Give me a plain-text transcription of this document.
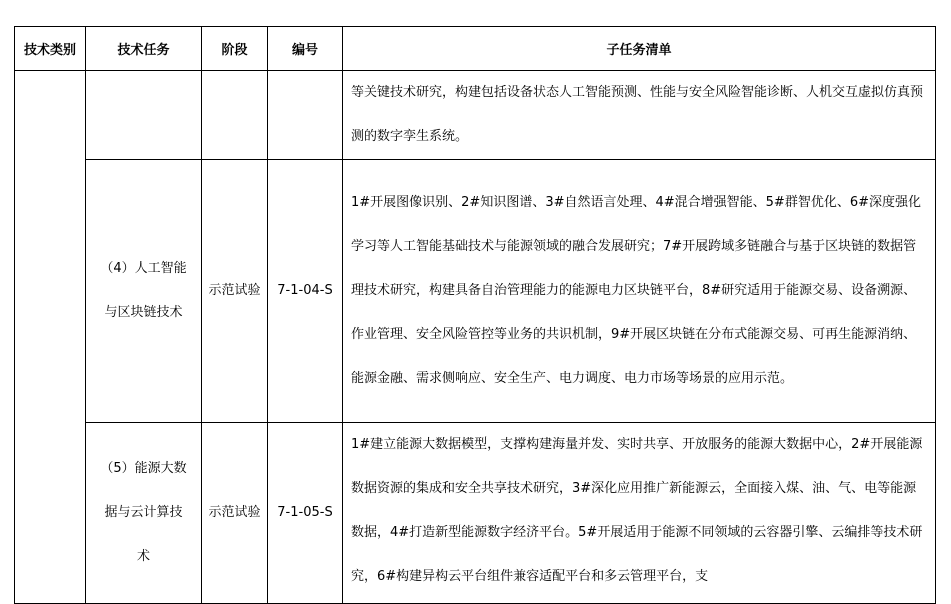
技术类别	技术任务	阶段	编号	子任务清单
				等关键技术研究，构建包括设备状态人工智能预测、性能与安全风险智能诊断、人机交互虚拟仿真预测的数字孪生系统。
	（4）人工智能与区块链技术	示范试验	7-1-04-S	1#开展图像识别、2#知识图谱、3#自然语言处理、4#混合增强智能、5#群智优化、6#深度强化学习等人工智能基础技术与能源领域的融合发展研究；7#开展跨域多链融合与基于区块链的数据管理技术研究，构建具备自治管理能力的能源电力区块链平台，8#研究适用于能源交易、设备溯源、作业管理、安全风险管控等业务的共识机制，9#开展区块链在分布式能源交易、可再生能源消纳、能源金融、需求侧响应、安全生产、电力调度、电力市场等场景的应用示范。
	（5）能源大数据与云计算技术	示范试验	7-1-05-S	1#建立能源大数据模型，支撑构建海量并发、实时共享、开放服务的能源大数据中心，2#开展能源数据资源的集成和安全共享技术研究，3#深化应用推广新能源云，全面接入煤、油、气、电等能源数据，4#打造新型能源数字经济平台。5#开展适用于能源不同领域的云容器引擎、云编排等技术研究，6#构建异构云平台组件兼容适配平台和多云管理平台，支
